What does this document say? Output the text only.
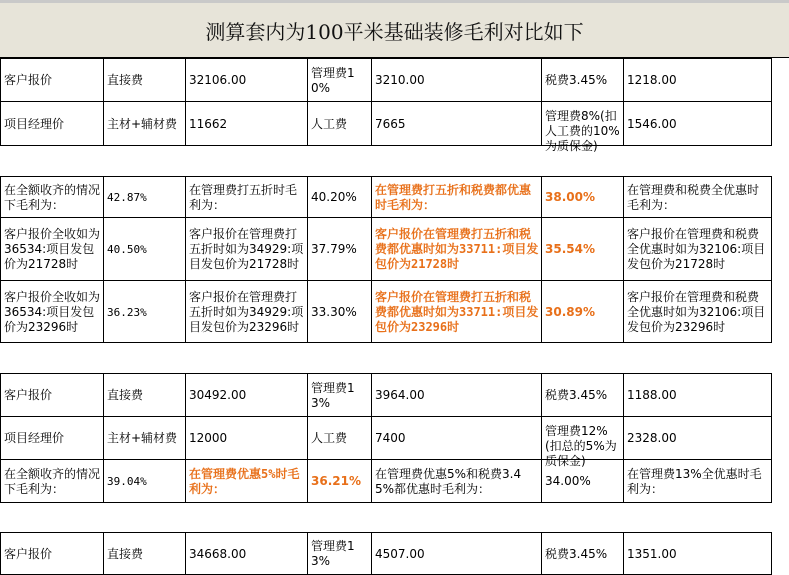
测算套内为100平米基础装修毛利对比如下
客户报价	直接费	32106.00	管理费10%	3210.00	税费3.45%	1218.00
项目经理价	主材+辅材费	11662	人工费	7665	管理费8%(扣人工费的10%为质保金)	1546.00
在全额收齐的情况下毛利为：	42.87%	在管理费打五折时毛利为：	40.20%	在管理费打五折和税费都优惠时毛利为：	38.00%	在管理费和税费全优惠时毛利为：
客户报价全收如为36534:项目发包价为21728时	40.50%	客户报价在管理费打五折时如为34929:项目发包价为21728时	37.79%	客户报价在管理费打五折和税费都优惠时如为33711:项目发包价为21728时	35.54%	客户报价在管理费和税费全优惠时如为32106:项目发包价为21728时
客户报价全收如为36534:项目发包价为23296时	36.23%	客户报价在管理费打五折时如为34929:项目发包价为23296时	33.30%	客户报价在管理费打五折和税费都优惠时如为33711:项目发包价为23296时	30.89%	客户报价在管理费和税费全优惠时如为32106:项目发包价为23296时
客户报价	直接费	30492.00	管理费13%	3964.00	税费3.45%	1188.00
项目经理价	主材+辅材费	12000	人工费	7400	管理费12%(扣总的5%为质保金)	2328.00
在全额收齐的情况下毛利为：	39.04%	在管理费优惠5%时毛利为：	36.21%	在管理费优惠5%和税费3.45%都优惠时毛利为：	34.00%	在管理费13%全优惠时毛利为：
客户报价	直接费	34668.00	管理费13%	4507.00	税费3.45%	1351.00
